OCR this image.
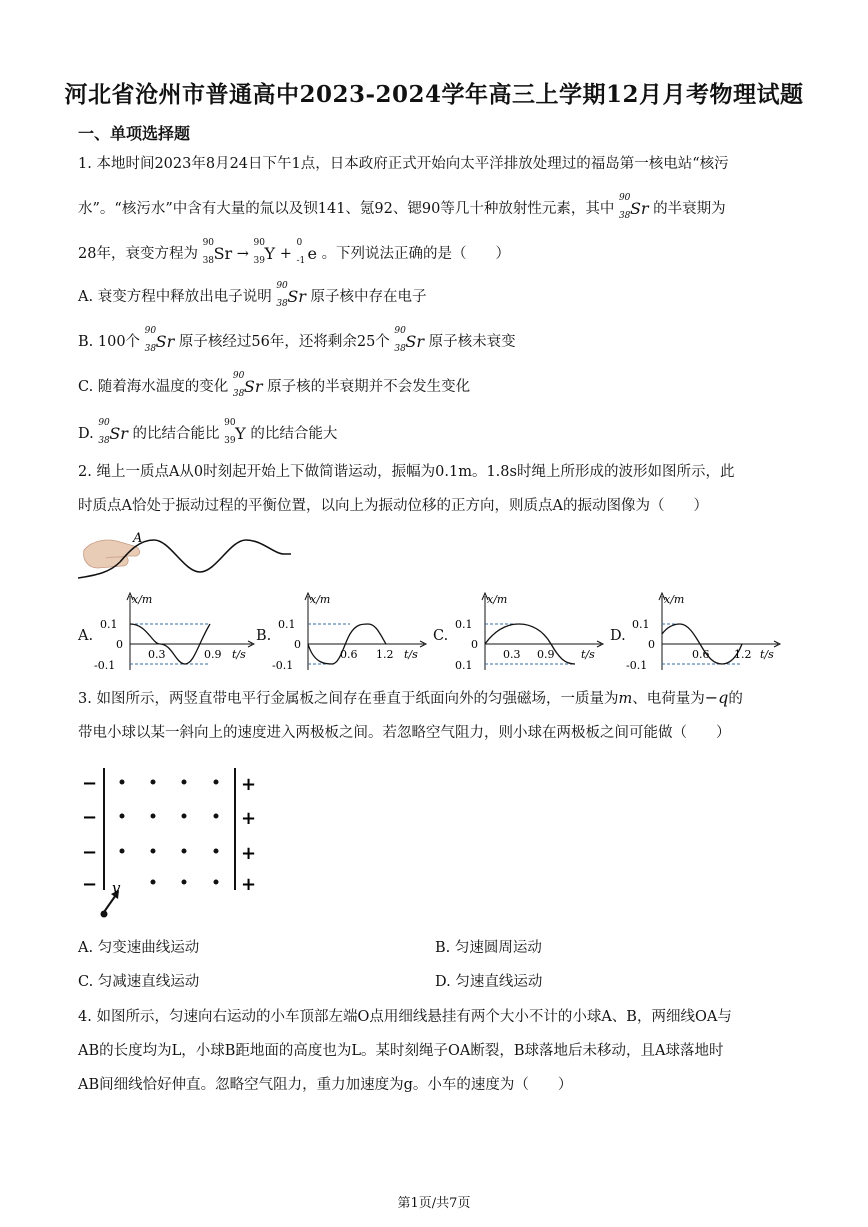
河北省沧州市普通高中2023-2024学年高三上学期12月月考物理试题
一、单项选择题
1. 本地时间2023年8月24日下午1点，日本政府正式开始向太平洋排放处理过的福岛第一核电站“核污
水”。“核污水”中含有大量的氚以及钡141、氪92、锶90等几十种放射性元素，其中
90
38 Sr 的半衰期为
28年，衰变方程为
90
38 Sr →
90
39 Y +
0
-1 e 。下列说法正确的是（　　）
A. 衰变方程中释放出电子说明
90
38 Sr 原子核中存在电子
B. 100个
90
38 Sr 原子核经过56年，还将剩余25个
90
38 Sr 原子核未衰变
C. 随着海水温度的变化
90
38 Sr 原子核的半衰期并不会发生变化
D.
90
38 Sr 的比结合能比
90
39 Y 的比结合能大
2. 绳上一质点A从0时刻起开始上下做简谐运动，振幅为0.1m。1.8s时绳上所形成的波形如图所示，此
时质点A恰处于振动过程的平衡位置，以向上为振动位移的正方向，则质点A的振动图像为（　　）
A
A.
x/m
0.1
0
-0.1
0.3	0.9 t/s
B.
x/m
0.1
0
-0.1
0.6 1.2 t/s
C.
x/m
0.1
0
0.1
0.3 0.9 t/s
D.
x/m
0.1
0
-0.1
0.6 1.2 t/s
3. 如图所示，两竖直带电平行金属板之间存在垂直于纸面向外的匀强磁场，一质量为m、电荷量为−q的
带电小球以某一斜向上的速度进入两极板之间。若忽略空气阻力，则小球在两极板之间可能做（　　）
−
−
−
−
+
+
+
+
v
A. 匀变速曲线运动	B. 匀速圆周运动
C. 匀减速直线运动	D. 匀速直线运动
4. 如图所示，匀速向右运动的小车顶部左端O点用细线悬挂有两个大小不计的小球A、B，两细线OA与
AB的长度均为L，小球B距地面的高度也为L。某时刻绳子OA断裂，B球落地后未移动，且A球落地时
AB间细线恰好伸直。忽略空气阻力，重力加速度为g。小车的速度为（　　）
第1页/共7页
